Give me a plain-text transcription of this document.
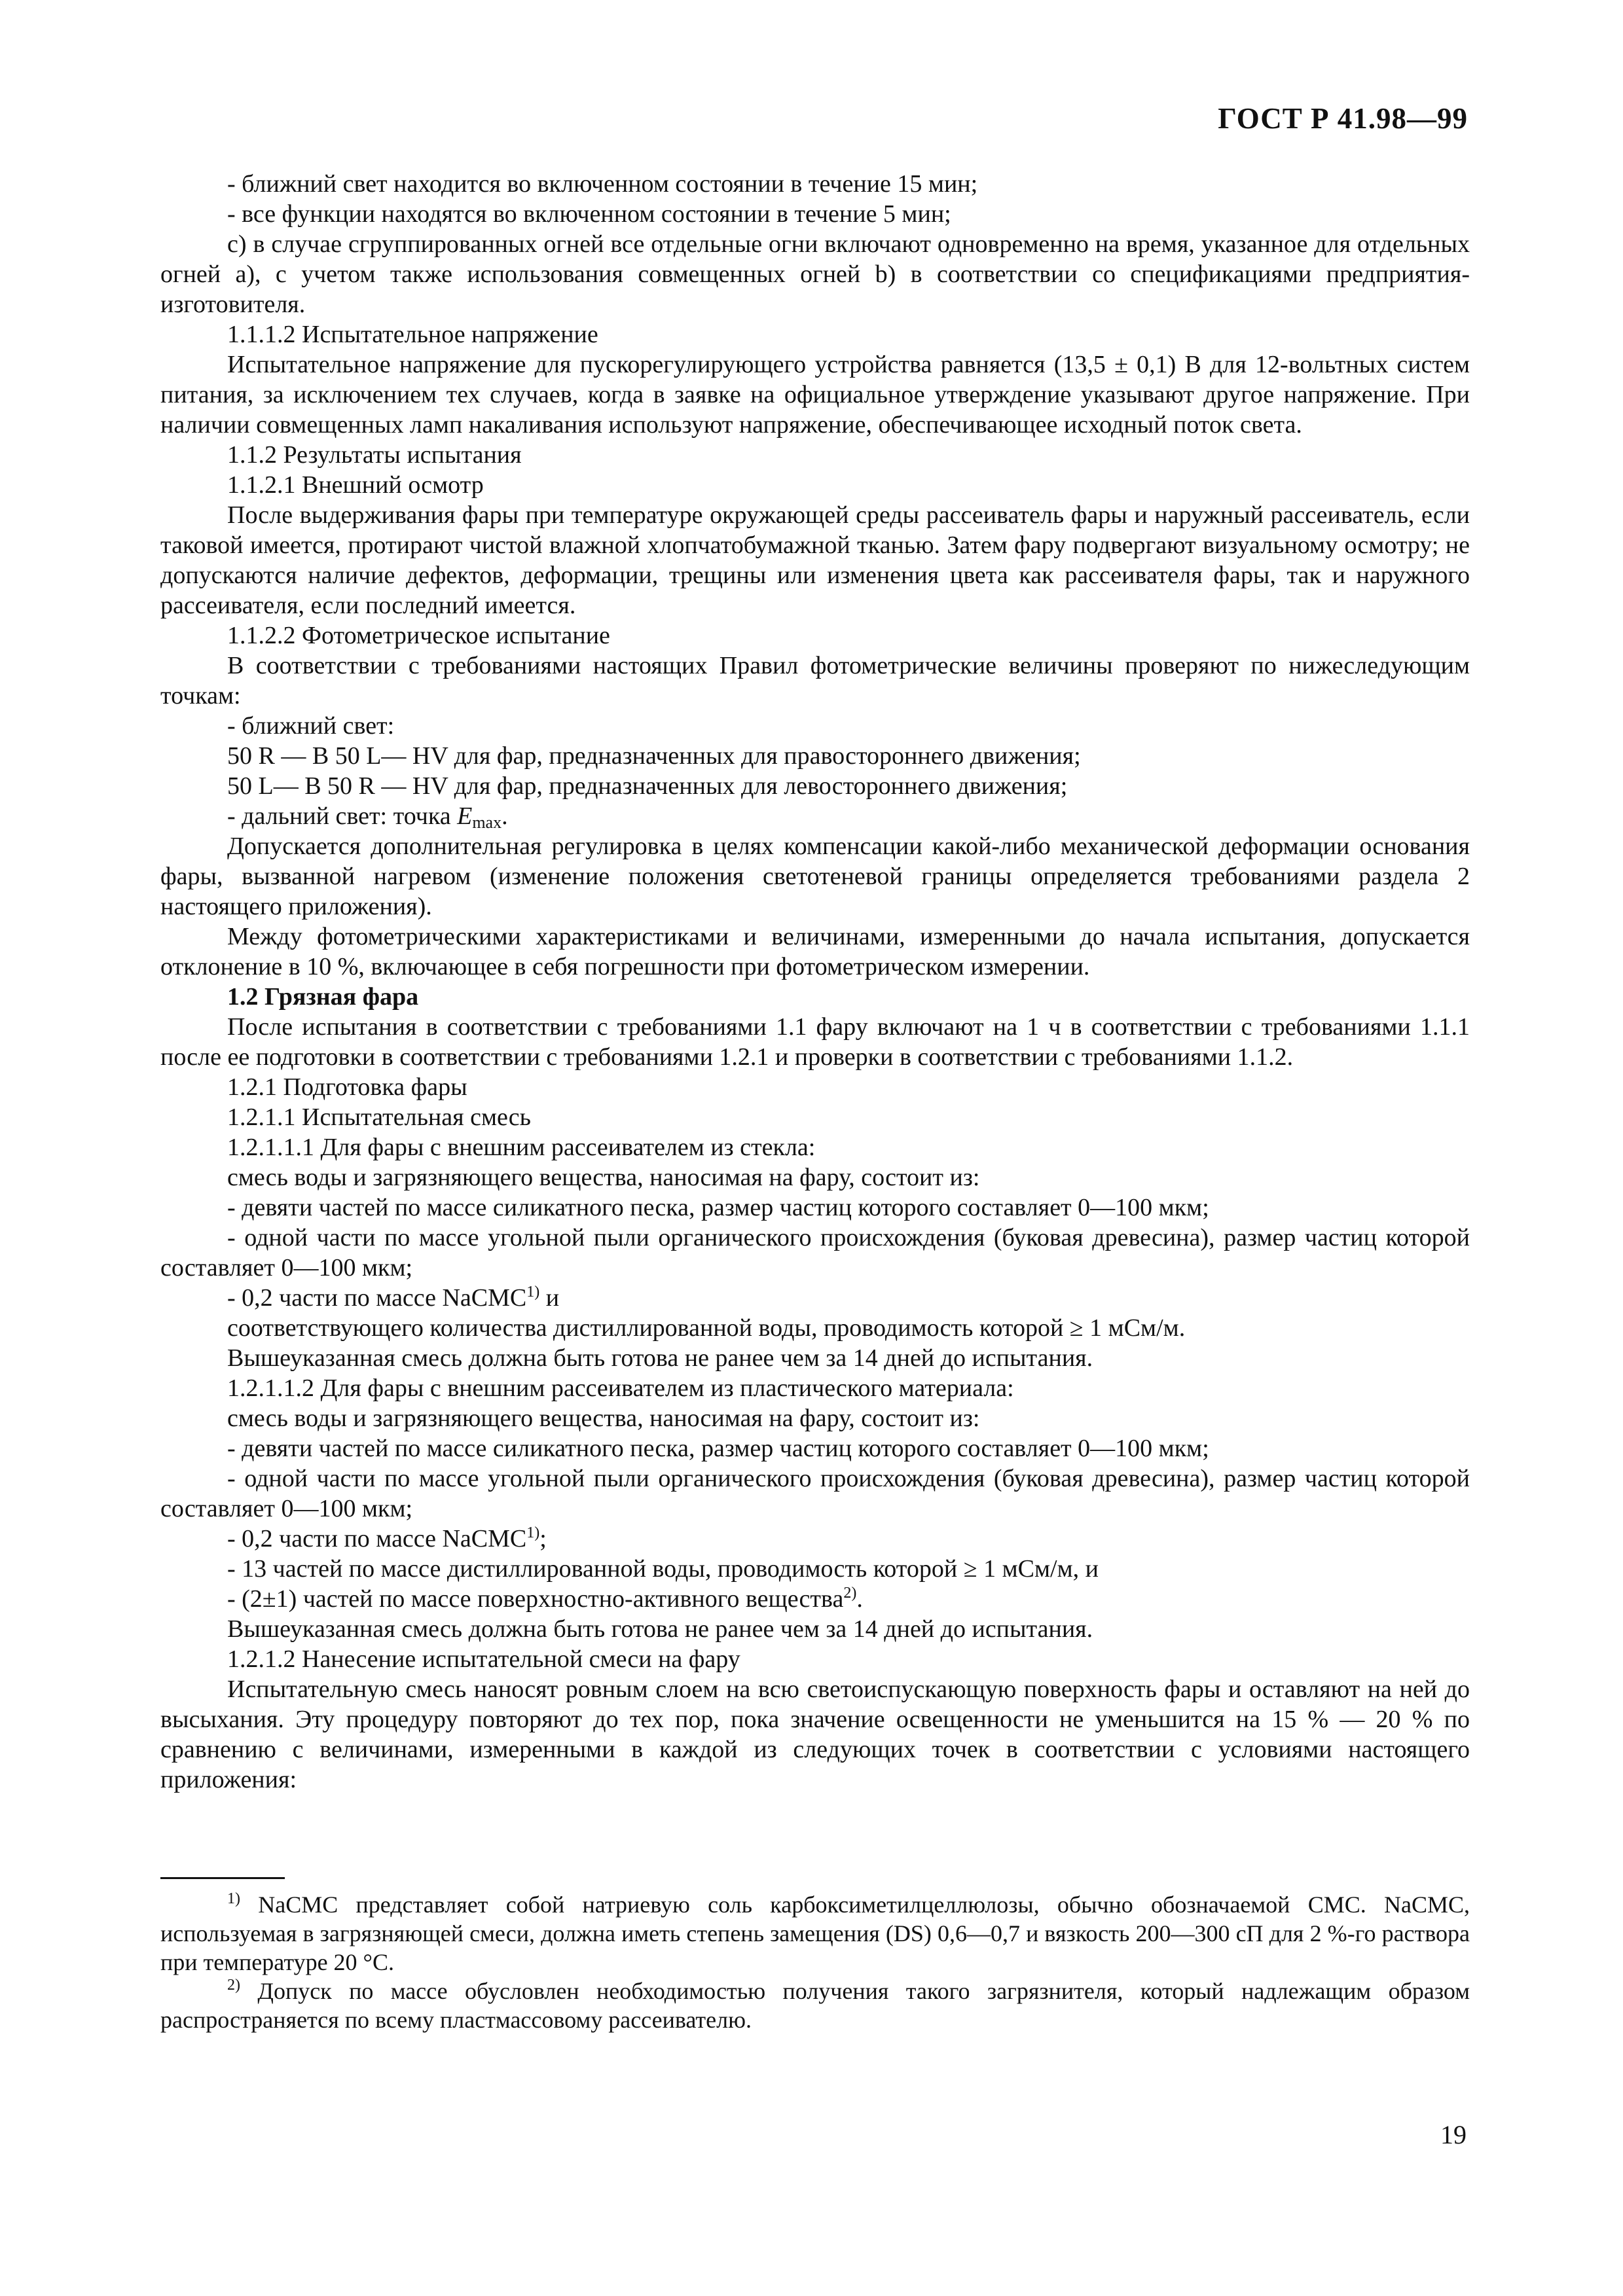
ГОСТ Р 41.98—99

- ближний свет находится во включенном состоянии в течение 15 мин;

- все функции находятся во включенном состоянии в течение 5 мин;

с) в случае сгруппированных огней все отдельные огни включают одновременно на время, указанное для отдельных огней а), с учетом также использования совмещенных огней b) в соответствии со спецификациями предприятия-изготовителя.

1.1.1.2 Испытательное напряжение

Испытательное напряжение для пускорегулирующего устройства равняется (13,5 ± 0,1) В для 12-вольтных систем питания, за исключением тех случаев, когда в заявке на официальное утверждение указывают другое напряжение. При наличии совмещенных ламп накаливания используют напряжение, обеспечивающее исходный поток света.

1.1.2 Результаты испытания

1.1.2.1 Внешний осмотр

После выдерживания фары при температуре окружающей среды рассеиватель фары и наружный рассеиватель, если таковой имеется, протирают чистой влажной хлопчатобумажной тканью. Затем фару подвергают визуальному осмотру; не допускаются наличие дефектов, деформации, трещины или изменения цвета как рассеивателя фары, так и наружного рассеивателя, если последний имеется.

1.1.2.2 Фотометрическое испытание

В соответствии с требованиями настоящих Правил фотометрические величины проверяют по нижеследующим точкам:

- ближний свет:

50 R — B 50 L— HV для фар, предназначенных для правостороннего движения;

50 L— B 50 R — HV для фар, предназначенных для левостороннего движения;

- дальний свет: точка $E_{max}$.

Допускается дополнительная регулировка в целях компенсации какой-либо механической деформации основания фары, вызванной нагревом (изменение положения светотеневой границы определяется требованиями раздела 2 настоящего приложения).

Между фотометрическими характеристиками и величинами, измеренными до начала испытания, допускается отклонение в 10 %, включающее в себя погрешности при фотометрическом измерении.

1.2 Грязная фара

После испытания в соответствии с требованиями 1.1 фару включают на 1 ч в соответствии с требованиями 1.1.1 после ее подготовки в соответствии с требованиями 1.2.1 и проверки в соответствии с требованиями 1.1.2.

1.2.1 Подготовка фары

1.2.1.1 Испытательная смесь

1.2.1.1.1 Для фары с внешним рассеивателем из стекла:

смесь воды и загрязняющего вещества, наносимая на фару, состоит из:

- девяти частей по массе силикатного песка, размер частиц которого составляет 0—100 мкм;

- одной части по массе угольной пыли органического происхождения (буковая древесина), размер частиц которой составляет 0—100 мкм;

- 0,2 части по массе NaCMC$^{1)}$ и

соответствующего количества дистиллированной воды, проводимость которой ≥ 1 мСм/м.

Вышеуказанная смесь должна быть готова не ранее чем за 14 дней до испытания.

1.2.1.1.2 Для фары с внешним рассеивателем из пластического материала:

смесь воды и загрязняющего вещества, наносимая на фару, состоит из:

- девяти частей по массе силикатного песка, размер частиц которого составляет 0—100 мкм;

- одной части по массе угольной пыли органического происхождения (буковая древесина), размер частиц которой составляет 0—100 мкм;

- 0,2 части по массе NaCMC$^{1)}$;

- 13 частей по массе дистиллированной воды, проводимость которой ≥ 1 мСм/м, и

- (2±1) частей по массе поверхностно-активного вещества$^{2)}$.

Вышеуказанная смесь должна быть готова не ранее чем за 14 дней до испытания.

1.2.1.2 Нанесение испытательной смеси на фару

Испытательную смесь наносят ровным слоем на всю светоиспускающую поверхность фары и оставляют на ней до высыхания. Эту процедуру повторяют до тех пор, пока значение освещенности не уменьшится на 15 % — 20 % по сравнению с величинами, измеренными в каждой из следующих точек в соответствии с условиями настоящего приложения:

$^{1)}$ NaCMC представляет собой натриевую соль карбоксиметилцеллюлозы, обычно обозначаемой CMC. NaCMC, используемая в загрязняющей смеси, должна иметь степень замещения (DS) 0,6—0,7 и вязкость 200—300 сП для 2 %-го раствора при температуре 20 °С.

$^{2)}$ Допуск по массе обусловлен необходимостью получения такого загрязнителя, который надлежащим образом распространяется по всему пластмассовому рассеивателю.

19
